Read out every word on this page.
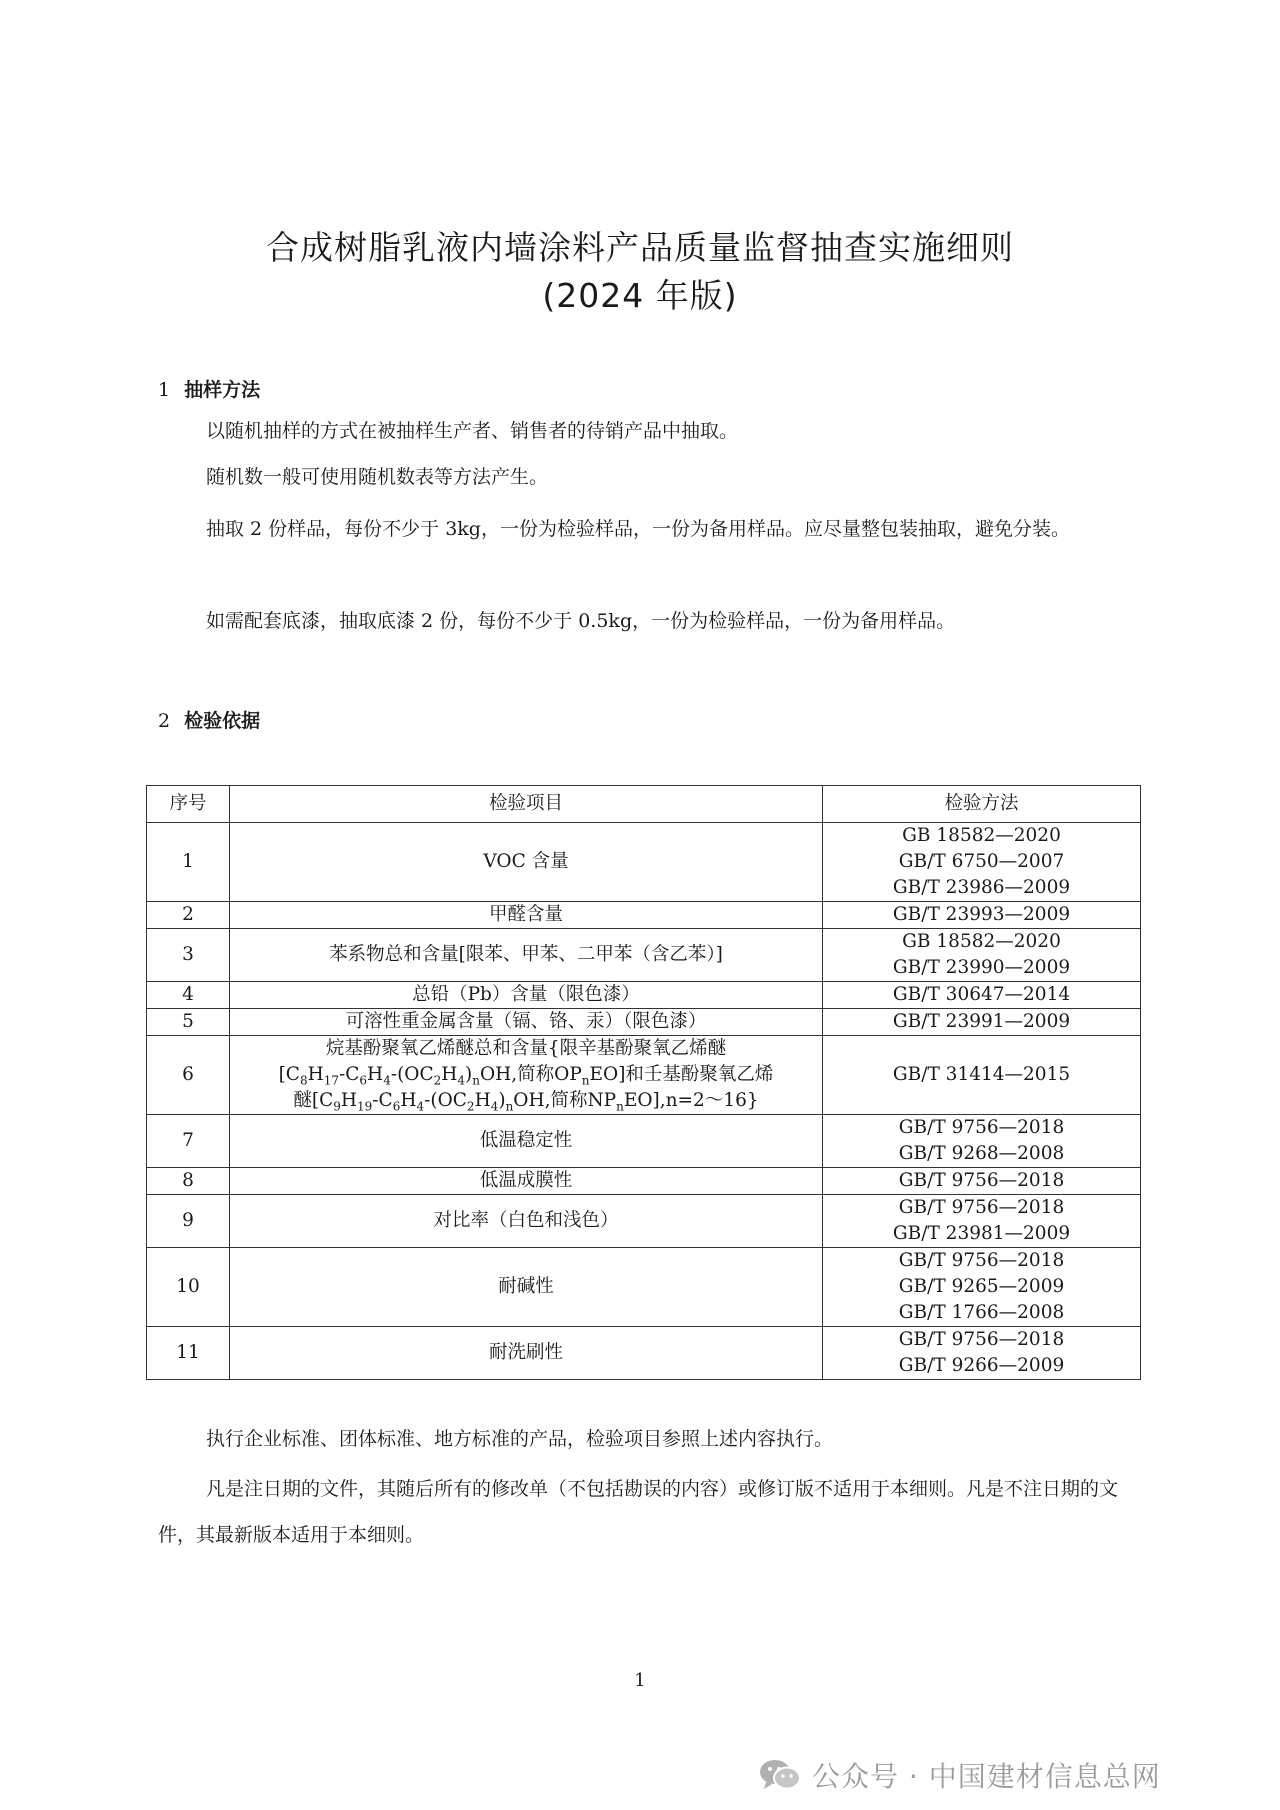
合成树脂乳液内墙涂料产品质量监督抽查实施细则
(2024 年版)
1 抽样方法
以随机抽样的方式在被抽样生产者、销售者的待销产品中抽取。
随机数一般可使用随机数表等方法产生。
抽取 2 份样品，每份不少于 3kg，一份为检验样品，一份为备用样品。应尽量整包装抽取，避免分装。
如需配套底漆，抽取底漆 2 份，每份不少于 0.5kg，一份为检验样品，一份为备用样品。
2 检验依据
序号	检验项目	检验方法
1	VOC 含量	GB 18582—2020
GB/T 6750—2007
GB/T 23986—2009

2	甲醛含量	GB/T 23993—2009

3	苯系物总和含量[限苯、甲苯、二甲苯（含乙苯）]	GB 18582—2020
GB/T 23990—2009

4	总铅（Pb）含量（限色漆）	GB/T 30647—2014

5	可溶性重金属含量（镉、铬、汞）（限色漆）	GB/T 23991—2009

6	烷基酚聚氧乙烯醚总和含量{限辛基酚聚氧乙烯醚
[$C_8H_{17}-C_6H_4-(OC_2H_4)_nOH$,简称$OP_nEO$]和壬基酚聚氧乙烯
醚[$C_9H_{19}-C_6H_4-(OC_2H_4)_nOH$,简称$NP_nEO],n=2\sim 16$}	GB/T 31414—2015

7	低温稳定性	GB/T 9756—2018
GB/T 9268—2008

8	低温成膜性	GB/T 9756—2018

9	对比率（白色和浅色）	GB/T 9756—2018
GB/T 23981—2009

10	耐碱性	GB/T 9756—2018
GB/T 9265—2009
GB/T 1766—2008

11	耐洗刷性	GB/T 9756—2018
GB/T 9266—2009
执行企业标准、团体标准、地方标准的产品，检验项目参照上述内容执行。
凡是注日期的文件，其随后所有的修改单（不包括勘误的内容）或修订版不适用于本细则。凡是不注日期的文件，其最新版本适用于本细则。
1
公众号 · 中国建材信息总网
